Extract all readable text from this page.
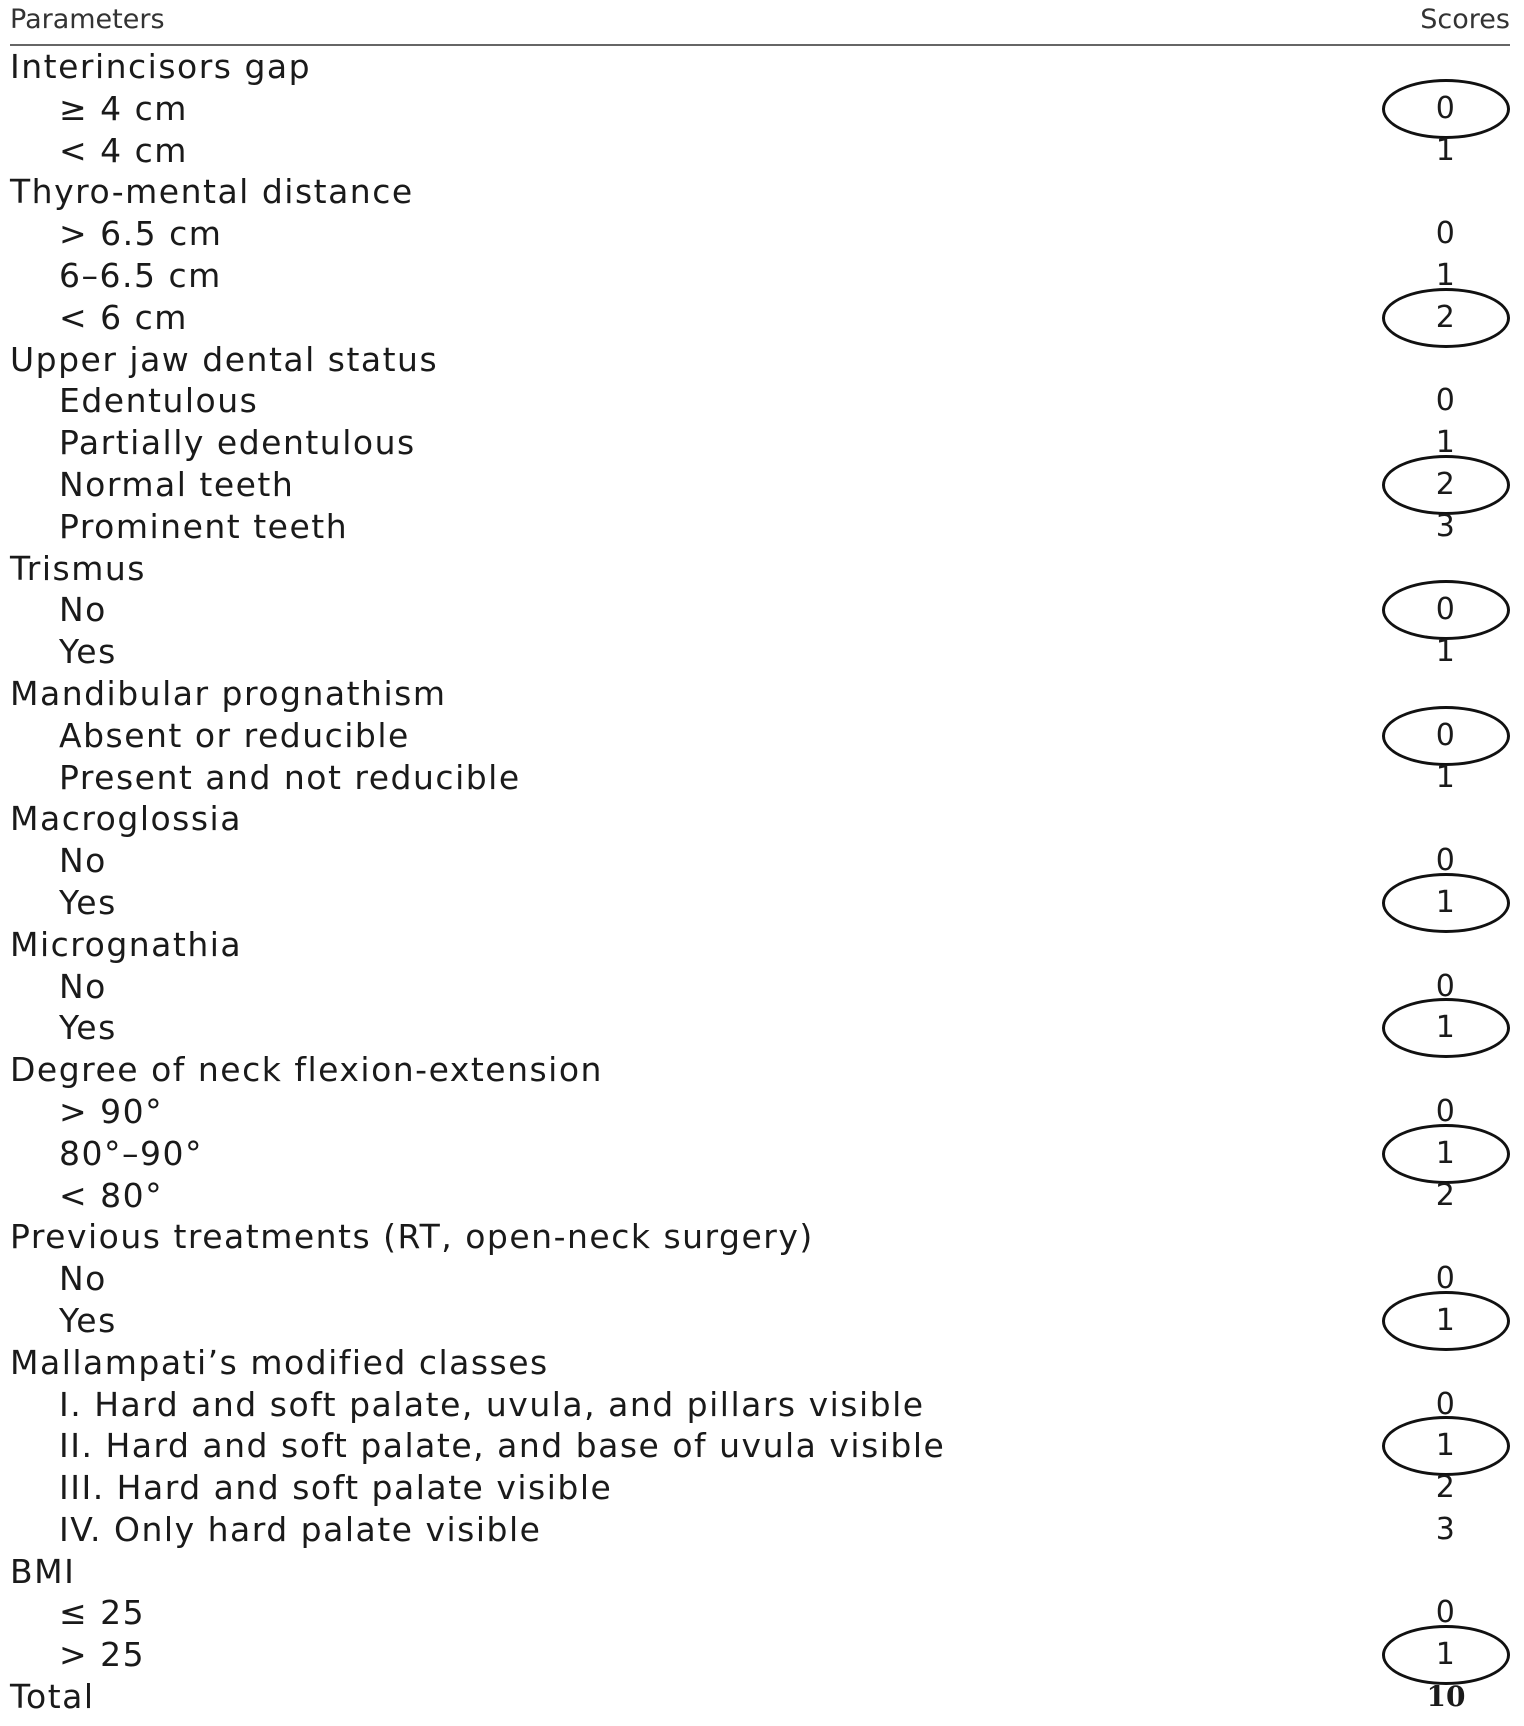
Parameters	Scores
Interincisors gap
≥ 4 cm	0
< 4 cm	1
Thyro-mental distance
> 6.5 cm	0
6–6.5 cm	1
< 6 cm	2
Upper jaw dental status
Edentulous	0
Partially edentulous	1
Normal teeth	2
Prominent teeth	3
Trismus
No	0
Yes	1
Mandibular prognathism
Absent or reducible	0
Present and not reducible	1
Macroglossia
No	0
Yes	1
Micrognathia
No	0
Yes	1
Degree of neck flexion-extension
> 90°	0
80°–90°	1
< 80°	2
Previous treatments (RT, open-neck surgery)
No	0
Yes	1
Mallampati’s modified classes
I. Hard and soft palate, uvula, and pillars visible	0
II. Hard and soft palate, and base of uvula visible	1
III. Hard and soft palate visible	2
IV. Only hard palate visible	3
BMI
≤ 25	0
> 25	1
Total	10
